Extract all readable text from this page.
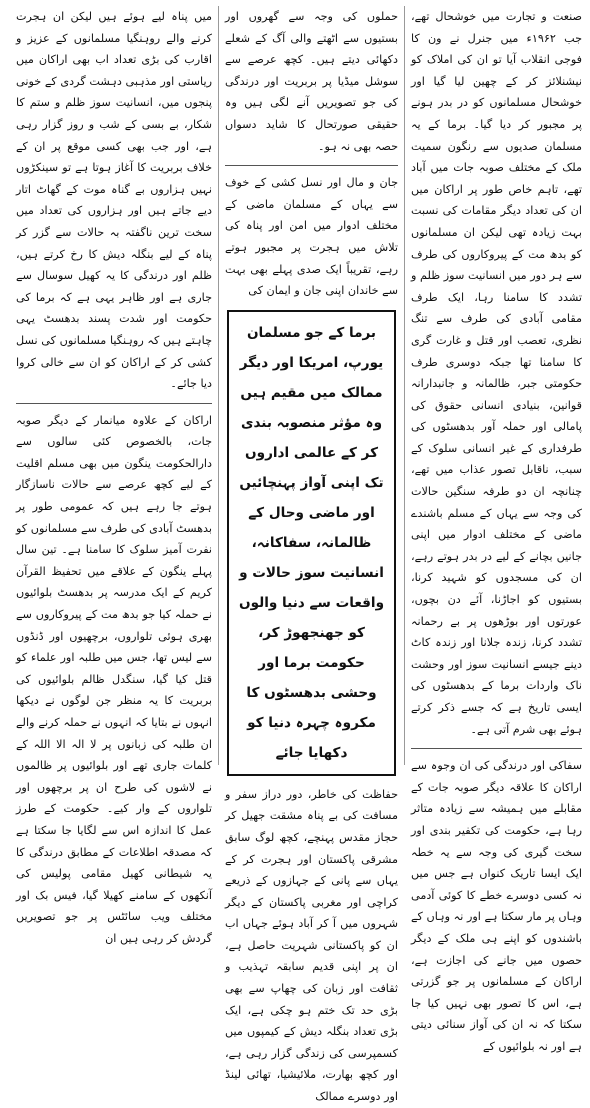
صنعت و تجارت میں خوشحال تھے، جب ۱۹۶۲ء میں جنرل نے ون کا فوجی انقلاب آیا تو ان کی املاک کو نیشنلائز کر کے چھین لیا گیا اور خوشحال مسلمانوں کو در بدر ہونے پر مجبور کر دیا گیا۔ برما کے یہ مسلمان صدیوں سے رنگون سمیت ملک کے مختلف صوبہ جات میں آباد تھے، تاہم خاص طور پر اراکان میں ان کی تعداد دیگر مقامات کی نسبت بہت زیادہ تھی لیکن ان مسلمانوں کو بدھ مت کے پیروکاروں کی طرف سے ہر دور میں انسانیت سوز ظلم و تشدد کا سامنا رہا، ایک طرف مقامی آبادی کی طرف سے تنگ نظری، تعصب اور قتل و غارت گری کا سامنا تھا جبکہ دوسری طرف حکومتی جبر، ظالمانہ و جانبدارانہ قوانین، بنیادی انسانی حقوق کی پامالی اور حملہ آور بدھسٹوں کی طرفداری کے غیر انسانی سلوک کے سبب، ناقابل تصور عذاب میں تھے، چنانچہ ان دو طرفہ سنگین حالات کی وجہ سے یہاں کے مسلم باشندے ماضی کے مختلف ادوار میں اپنی جانیں بچانے کے لیے در بدر ہوتے رہے، ان کی مسجدوں کو شہید کرنا، بستیوں کو اجاڑنا، آئے دن بچوں، عورتوں اور بوڑھوں پر بے رحمانہ تشدد کرنا، زندہ جلانا اور زندہ کاٹ دینے جیسے انسانیت سوز اور وحشت ناک واردات برما کے بدھسٹوں کی ایسی تاریخ ہے کہ جسے ذکر کرتے ہوئے بھی شرم آتی ہے۔

سفاکی اور درندگی کی ان وجوہ سے اراکان کا علاقہ دیگر صوبہ جات کے مقابلے میں ہمیشہ سے زیادہ متاثر رہا ہے، حکومت کی تکفیر بندی اور سخت گیری کی وجہ سے یہ خطہ ایک ایسا تاریک کنواں ہے جس میں نہ کسی دوسرے خطے کا کوئی آدمی وہاں پر مار سکتا ہے اور نہ وہاں کے باشندوں کو اپنے ہی ملک کے دیگر حصوں میں جانے کی اجازت ہے، اراکان کے مسلمانوں پر جو گزرتی ہے، اس کا تصور بھی نہیں کیا جا سکتا کہ نہ ان کی آواز سنائی دیتی ہے اور نہ بلوائیوں کے

حملوں کی وجہ سے گھروں اور بستیوں سے اٹھتے والی آگ کے شعلے دکھائی دیتے ہیں۔ کچھ عرصے سے سوشل میڈیا پر بربریت اور درندگی کی جو تصویریں آنے لگی ہیں وہ حقیقی صورتحال کا شاید دسواں حصہ بھی نہ ہو۔

جان و مال اور نسل کشی کے خوف سے یہاں کے مسلمان ماضی کے مختلف ادوار میں امن اور پناہ کی تلاش میں ہجرت پر مجبور ہوتے رہے، تقریباً ایک صدی پہلے بھی بہت سے خاندان اپنی جان و ایمان کی

برما کے جو مسلمان یورپ، امریکا اور دیگر ممالک میں مقیم ہیں وہ مؤثر منصوبہ بندی کر کے عالمی اداروں تک اپنی آواز پہنچائیں اور ماضی وحال کے ظالمانہ، سفاکانہ، انسانیت سوز حالات و واقعات سے دنیا والوں کو جھنجھوڑ کر، حکومت برما اور وحشی بدھسٹوں کا مکروہ چہرہ دنیا کو دکھایا جائے

حفاظت کی خاطر، دور دراز سفر و مسافت کی بے پناہ مشقت جھیل کر حجاز مقدس پہنچے، کچھ لوگ سابق مشرقی پاکستان اور ہجرت کر کے یہاں سے پانی کے جہازوں کے ذریعے کراچی اور مغربی پاکستان کے دیگر شہروں میں آ کر آباد ہوئے جہاں اب ان کو پاکستانی شہریت حاصل ہے، ان پر اپنی قدیم سابقہ تہذیب و ثقافت اور زبان کی چھاپ سے بھی بڑی حد تک ختم ہو چکی ہے، ایک بڑی تعداد بنگلہ دیش کے کیمپوں میں کسمپرسی کی زندگی گزار رہی ہے، اور کچھ بھارت، ملائیشیا، تھائی لینڈ اور دوسرے ممالک

میں پناہ لیے ہوئے ہیں لیکن ان ہجرت کرنے والے روہنگیا مسلمانوں کے عزیز و اقارب کی بڑی تعداد اب بھی اراکان میں ریاستی اور مذہبی دہشت گردی کے خونی پنجوں میں، انسانیت سوز ظلم و ستم کا شکار، بے بسی کے شب و روز گزار رہی ہے، اور جب بھی کسی موقع پر ان کے خلاف بربریت کا آغاز ہوتا ہے تو سینکڑوں نہیں ہزاروں بے گناہ موت کے گھاٹ اتار دیے جاتے ہیں اور ہزاروں کی تعداد میں سخت ترین ناگفتہ بہ حالات سے گزر کر پناہ کے لیے بنگلہ دیش کا رخ کرتے ہیں، ظلم اور درندگی کا یہ کھیل سوسال سے جاری ہے اور ظاہر یہی ہے کہ برما کی حکومت اور شدت پسند بدھسٹ یہی چاہتے ہیں کہ روہنگیا مسلمانوں کی نسل کشی کر کے اراکان کو ان سے خالی کروا دیا جائے۔

اراکان کے علاوہ میانمار کے دیگر صوبہ جات، بالخصوص کئی سالوں سے دارالحکومت ینگون میں بھی مسلم اقلیت کے لیے کچھ عرصے سے حالات ناسازگار ہوتے جا رہے ہیں کہ عمومی طور پر بدھسٹ آبادی کی طرف سے مسلمانوں کو نفرت آمیز سلوک کا سامنا ہے۔ تین سال پہلے ینگون کے علاقے میں تحفیظ القرآن کریم کے ایک مدرسہ پر بدھسٹ بلوائیوں نے حملہ کیا جو بدھ مت کے پیروکاروں سے بھری ہوئی تلواروں، برچھیوں اور ڈنڈوں سے لیس تھا، جس میں طلبہ اور علماء کو قتل کیا گیا، سنگدل ظالم بلوائیوں کی بربریت کا یہ منظر جن لوگوں نے دیکھا انہوں نے بتایا کہ انہوں نے حملہ کرنے والے ان طلبہ کی زبانوں پر لا الہ الا اللہ کے کلمات جاری تھے اور بلوائیوں پر ظالموں نے لاشوں کی طرح ان پر برچھوں اور تلواروں کے وار کیے۔ حکومت کے طرز عمل کا اندازہ اس سے لگایا جا سکتا ہے کہ مصدقہ اطلاعات کے مطابق درندگی کا یہ شیطانی کھیل مقامی پولیس کی آنکھوں کے سامنے کھیلا گیا، فیس بک اور مختلف ویب سائٹس پر جو تصویریں گردش کر رہی ہیں ان
